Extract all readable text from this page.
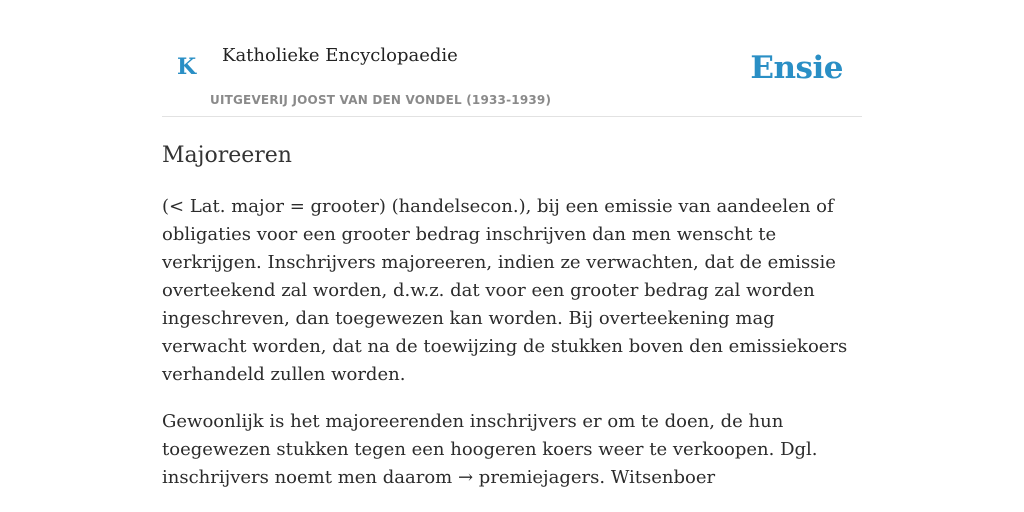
K Katholieke Encyclopaedie
UITGEVERIJ JOOST VAN DEN VONDEL (1933-1939)
Ensie
Majoreeren

(< Lat. major = grooter) (handelsecon.), bij een emissie van aandeelen of obligaties voor een grooter bedrag inschrijven dan men wenscht te verkrijgen. Inschrijvers majoreeren, indien ze verwachten, dat de emissie overteekend zal worden, d.w.z. dat voor een grooter bedrag zal worden ingeschreven, dan toegewezen kan worden. Bij overteekening mag verwacht worden, dat na de toewijzing de stukken boven den emissiekoers verhandeld zullen worden.

Gewoonlijk is het majoreerenden inschrijvers er om te doen, de hun toegewezen stukken tegen een hoogeren koers weer te verkoopen. Dgl. inschrijvers noemt men daarom → premiejagers. Witsenboer
